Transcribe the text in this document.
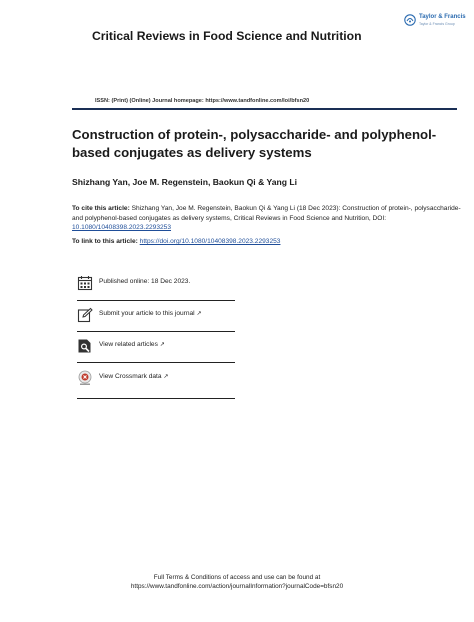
Taylor & Francis
Taylor & Francis Group
Critical Reviews in Food Science and Nutrition
ISSN: (Print) (Online) Journal homepage: https://www.tandfonline.com/loi/bfsn20
Construction of protein-, polysaccharide- and polyphenol-based conjugates as delivery systems
Shizhang Yan, Joe M. Regenstein, Baokun Qi & Yang Li
To cite this article: Shizhang Yan, Joe M. Regenstein, Baokun Qi & Yang Li (18 Dec 2023): Construction of protein-, polysaccharide- and polyphenol-based conjugates as delivery systems, Critical Reviews in Food Science and Nutrition, DOI: 10.1080/10408398.2023.2293253
To link to this article: https://doi.org/10.1080/10408398.2023.2293253
Published online: 18 Dec 2023.
Submit your article to this journal ↗
View related articles ↗
View Crossmark data ↗
Full Terms & Conditions of access and use can be found at
https://www.tandfonline.com/action/journalInformation?journalCode=bfsn20
